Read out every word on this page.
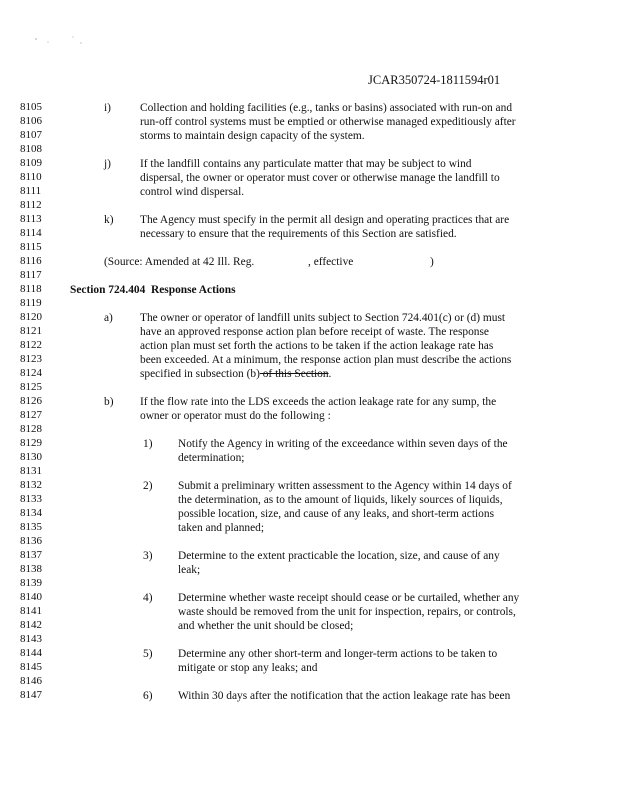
JCAR350724-1811594r01
8105
8106
8107
8108
8109
8110
8111
8112
8113
8114
8115
8116
8117
8118
8119
8120
8121
8122
8123
8124
8125
8126
8127
8128
8129
8130
8131
8132
8133
8134
8135
8136
8137
8138
8139
8140
8141
8142
8143
8144
8145
8146
8147
i)	Collection and holding facilities (e.g., tanks or basins) associated with run-on and
run-off control systems must be emptied or otherwise managed expeditiously after
storms to maintain design capacity of the system.
j)	If the landfill contains any particulate matter that may be subject to wind
dispersal, the owner or operator must cover or otherwise manage the landfill to
control wind dispersal.
k) The Agency must specify in the permit all design and operating practices that are
necessary to ensure that the requirements of this Section are satisfied.
(Source: Amended at 42 Ill. Reg.	, effective	)
Section 724.404 Response Actions
a) The owner or operator of landfill units subject to Section 724.401(c) or (d) must
have an approved response action plan before receipt of waste. The response
action plan must set forth the actions to be taken if the action leakage rate has
been exceeded. At a minimum, the response action plan must describe the actions
specified in subsection (b) of this Section.
b) If the flow rate into the LDS exceeds the action leakage rate for any sump, the
owner or operator must do the following :
1) Notify the Agency in writing of the exceedance within seven days of the
determination;
2) Submit a preliminary written assessment to the Agency within 14 days of
the determination, as to the amount of liquids, likely sources of liquids,
possible location, size, and cause of any leaks, and short-term actions
taken and planned;
3) Determine to the extent practicable the location, size, and cause of any
leak;
4) Determine whether waste receipt should cease or be curtailed, whether any
waste should be removed from the unit for inspection, repairs, or controls,
and whether the unit should be closed;
5) Determine any other short-term and longer-term actions to be taken to
mitigate or stop any leaks; and
6) Within 30 days after the notification that the action leakage rate has been
